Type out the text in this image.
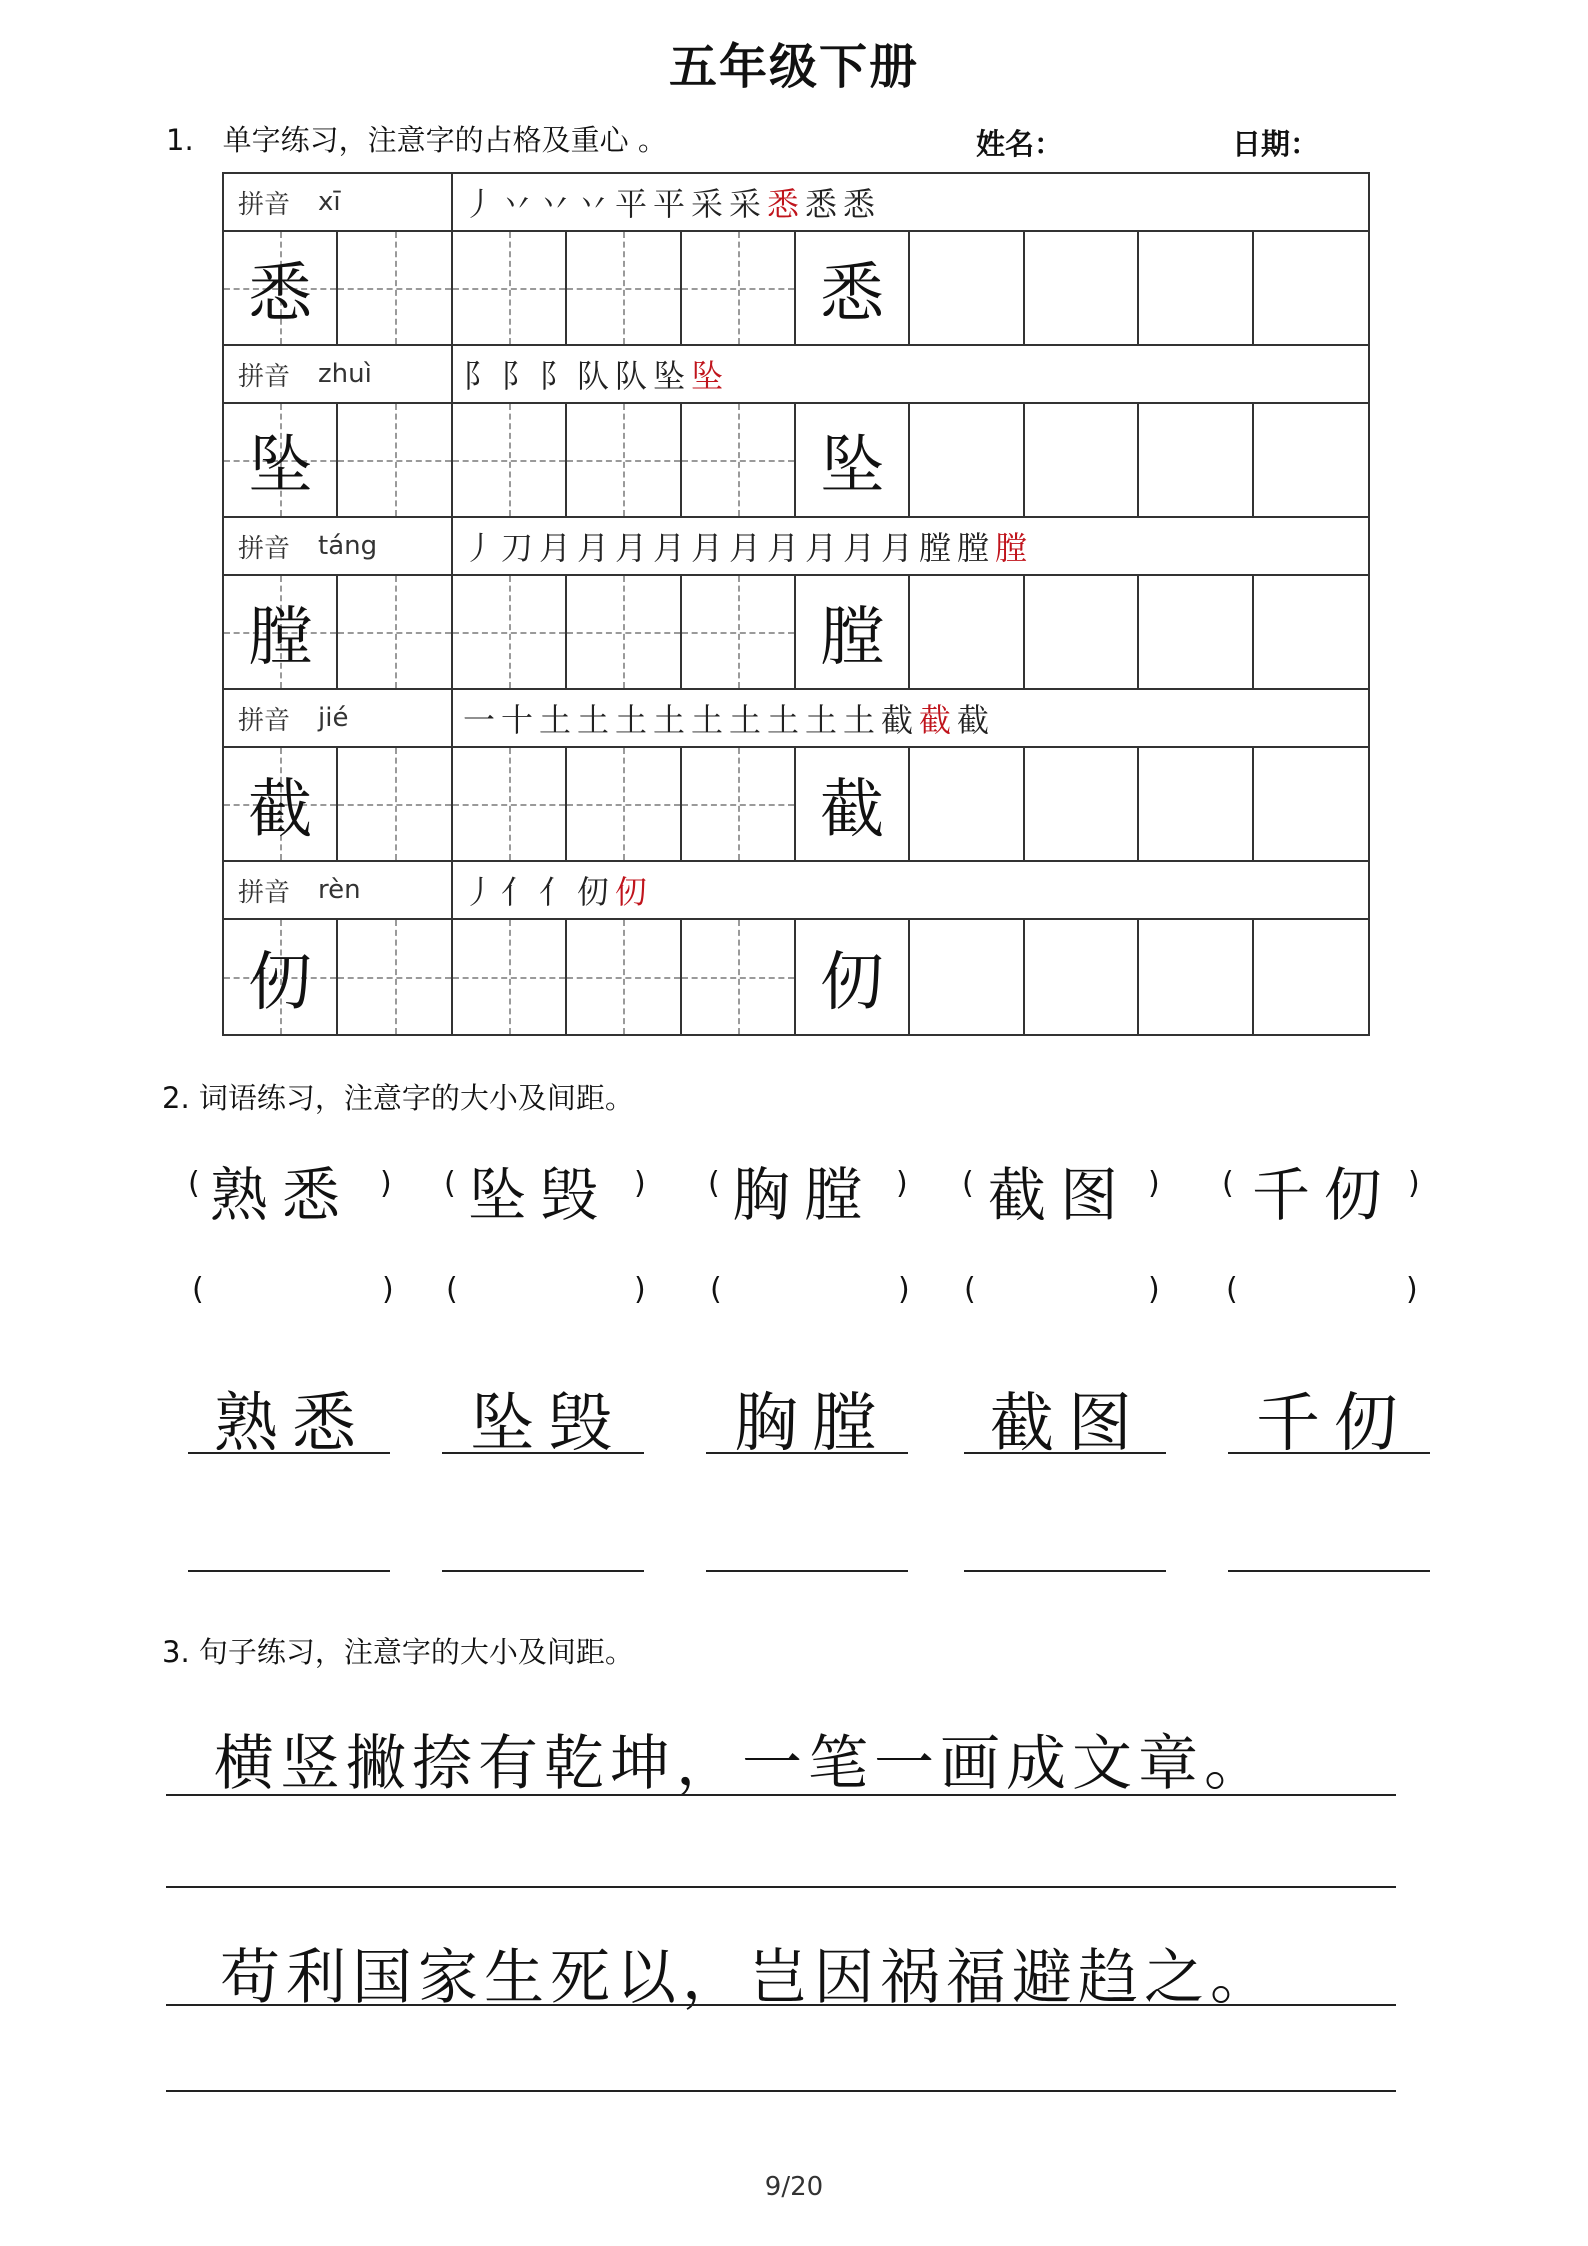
五年级下册
1.　单字练习，注意字的占格及重心 。	姓名：	日期：
拼音 xī	丿丷丷丷平平采采 悉 悉悉
悉	悉
拼音 zhuì	阝阝阝队队坠 坠
坠	坠
拼音 táng	丿刀月月月月月月月月月月膛膛 膛
膛	膛
拼音 jié	一十土土土土土土土土土截 截 截
截	截
拼音 rèn	丿亻亻仞 仞
仞	仞
2. 词语练习，注意字的大小及间距。
( 熟悉 ) ( 坠毁 ) ( 胸膛 ) ( 截图 ) ( 千仞 )
(	) (	) (	) (	) (	)
熟悉 坠毁 胸膛 截图 千仞
3. 句子练习，注意字的大小及间距。
横竖撇捺有乾坤，一笔一画成文章。
苟利国家生死以，岂因祸福避趋之。
9/20
